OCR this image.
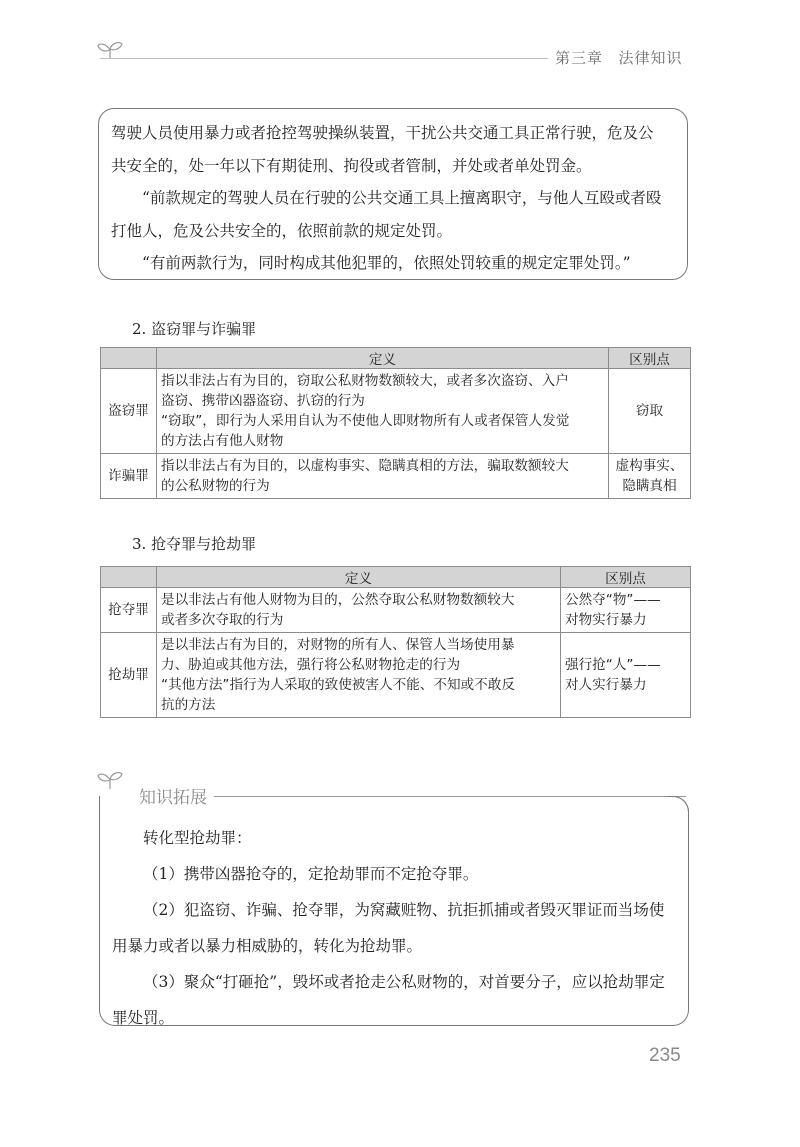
第三章 法律知识

驾驶人员使用暴力或者抢控驾驶操纵装置，干扰公共交通工具正常行驶，危及公

共安全的，处一年以下有期徒刑、拘役或者管制，并处或者单处罚金。

“前款规定的驾驶人员在行驶的公共交通工具上擅离职守，与他人互殴或者殴

打他人，危及公共安全的，依照前款的规定处罚。

“有前两款行为，同时构成其他犯罪的，依照处罚较重的规定定罪处罚。”

2. 盗窃罪与诈骗罪
	定义	区别点
盗窃罪	指以非法占有为目的，窃取公私财物数额较大，或者多次盗窃、入户
盗窃、携带凶器盗窃、扒窃的行为
“窃取”，即行为人采用自认为不使他人即财物所有人或者保管人发觉
的方法占有他人财物	窃取

诈骗罪	指以非法占有为目的，以虚构事实、隐瞒真相的方法，骗取数额较大
的公私财物的行为	虚构事实、
隐瞒真相
3. 抢夺罪与抢劫罪
	定义	区别点
抢夺罪	是以非法占有他人财物为目的，公然夺取公私财物数额较大
或者多次夺取的行为	公然夺“物”——
对物实行暴力

抢劫罪	是以非法占有为目的，对财物的所有人、保管人当场使用暴
力、胁迫或其他方法，强行将公私财物抢走的行为
“其他方法”指行为人采取的致使被害人不能、不知或不敢反
抗的方法	强行抢“人”——
对人实行暴力

转化型抢劫罪：

（1）携带凶器抢夺的，定抢劫罪而不定抢夺罪。

（2）犯盗窃、诈骗、抢夺罪，为窝藏赃物、抗拒抓捕或者毁灭罪证而当场使

用暴力或者以暴力相威胁的，转化为抢劫罪。

（3）聚众“打砸抢”，毁坏或者抢走公私财物的，对首要分子，应以抢劫罪定

罪处罚。

知识拓展
235
